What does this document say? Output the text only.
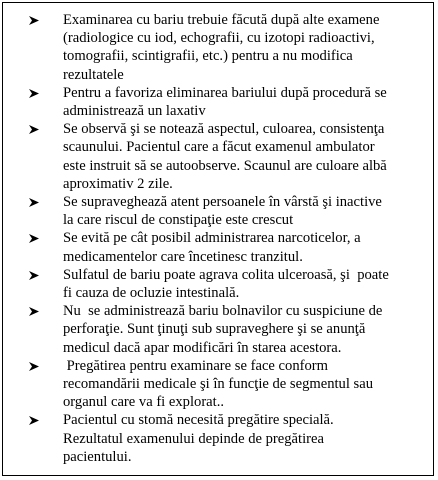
Examinarea cu bariu trebuie făcută după alte examene
(radiologice cu iod, echografii, cu izotopi radioactivi,
tomografii, scintigrafii, etc.) pentru a nu modifica
rezultatele
Pentru a favoriza eliminarea bariului după procedură se
administrează un laxativ
Se observă şi se notează aspectul, culoarea, consistenţa
scaunului. Pacientul care a făcut examenul ambulator
este instruit să se autoobserve. Scaunul are culoare albă
aproximativ 2 zile.
Se supraveghează atent persoanele în vârstă şi inactive
la care riscul de constipaţie este crescut
Se evită pe cât posibil administrarea narcoticelor, a
medicamentelor care încetinesc tranzitul.
Sulfatul de bariu poate agrava colita ulceroasă, şi  poate
fi cauza de ocluzie intestinală.
Nu  se administrează bariu bolnavilor cu suspiciune de
perforaţie. Sunt ţinuţi sub supraveghere şi se anunţă
medicul dacă apar modificări în starea acestora.
Pregătirea pentru examinare se face conform
recomandării medicale şi în funcţie de segmentul sau
organul care va fi explorat..
Pacientul cu stomă necesită pregătire specială.
Rezultatul examenului depinde de pregătirea
pacientului.
